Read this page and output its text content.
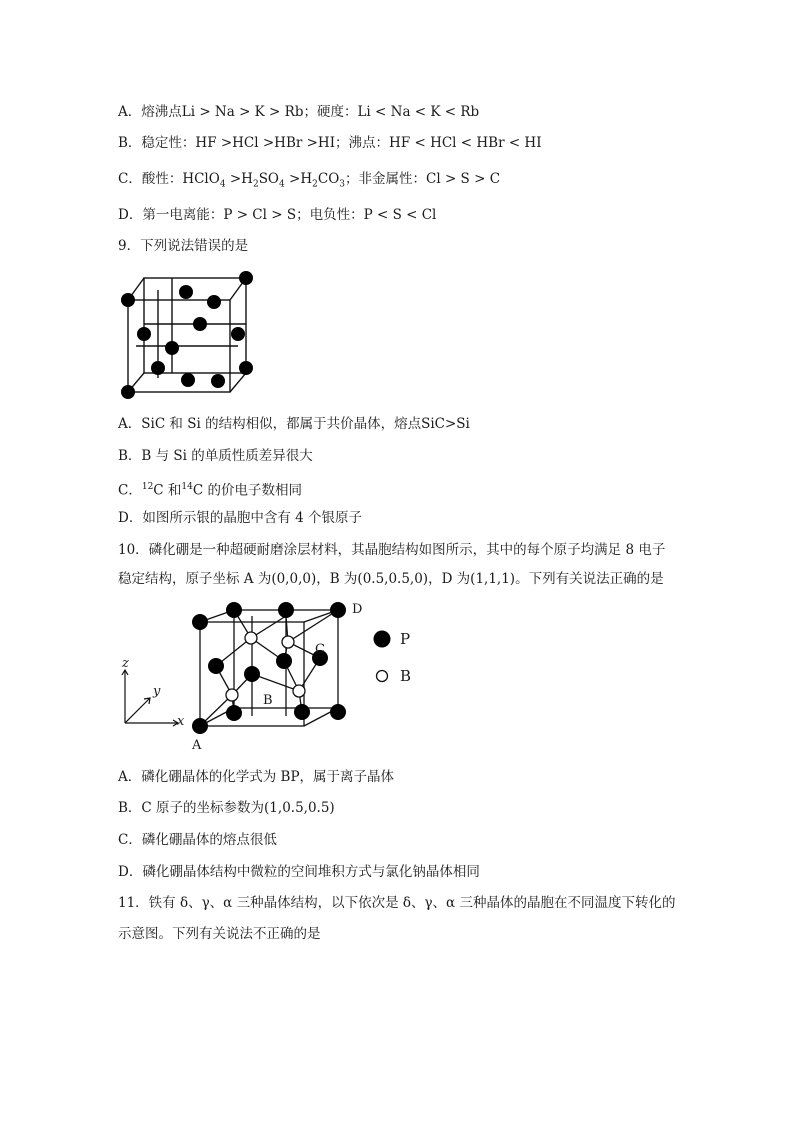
A．熔沸点Li > Na > K > Rb；硬度：Li < Na < K < Rb
B．稳定性：HF >HCl >HBr >HI；沸点：HF < HCl < HBr < HI
C．酸性：HClO$_4$ $>H_2SO_4 >H_2CO_3$；非金属性：Cl > S > C
D．第一电离能：P > Cl > S；电负性：P < S < Cl
9．下列说法错误的是
A．SiC 和 Si 的结构相似，都属于共价晶体，熔点SiC>Si
B．B 与 Si 的单质性质差异很大
C．$^{12}$C 和$^{14}$C 的价电子数相同
D．如图所示银的晶胞中含有 4 个银原子
10．磷化硼是一种超硬耐磨涂层材料，其晶胞结构如图所示，其中的每个原子均满足 8 电子
稳定结构，原子坐标 A 为(0,0,0)，B 为(0.5,0.5,0)，D 为(1,1,1)。下列有关说法正确的是
z
y
x
A
B
C
D
P
B
A．磷化硼晶体的化学式为 BP，属于离子晶体
B．C 原子的坐标参数为(1,0.5,0.5)
C．磷化硼晶体的熔点很低
D．磷化硼晶体结构中微粒的空间堆积方式与氯化钠晶体相同
11．铁有 δ、γ、α 三种晶体结构，以下依次是 δ、γ、α 三种晶体的晶胞在不同温度下转化的
示意图。下列有关说法不正确的是
